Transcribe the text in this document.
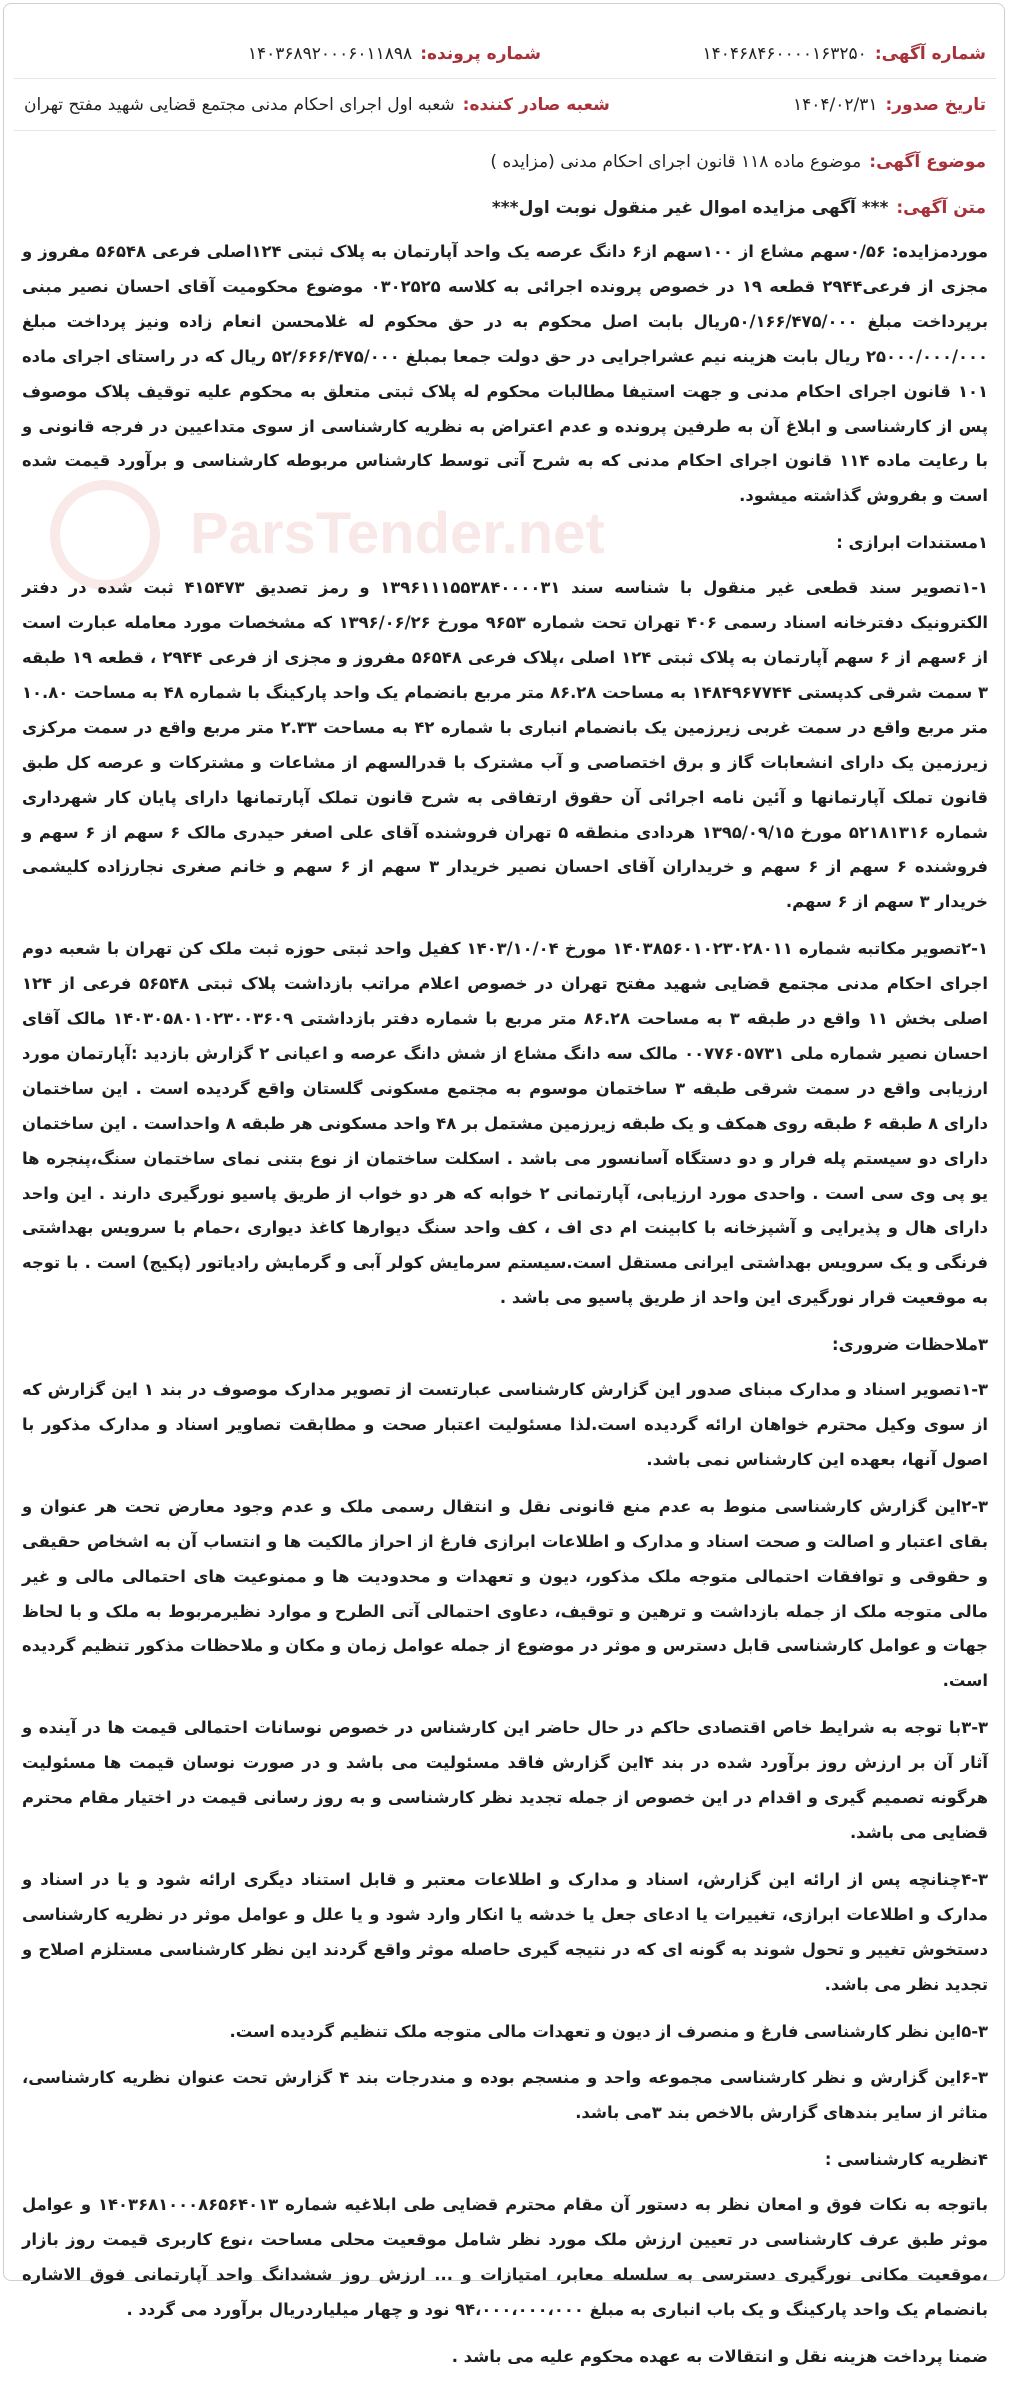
ParsTender.net
شماره آگهی:
۱۴۰۴۶۸۴۶۰۰۰۰۱۶۳۲۵۰
شماره پرونده:
۱۴۰۳۶۸۹۲۰۰۰۶۰۱۱۸۹۸
تاریخ صدور:
۱۴۰۴/۰۲/۳۱
شعبه صادر کننده:
شعبه اول اجرای احکام مدنی مجتمع قضایی شهید مفتح تهران
موضوع آگهی:
موضوع ماده ۱۱۸ قانون اجرای احکام مدنی (مزایده )
متن آگهی:
*** آگهی مزایده اموال غیر منقول نوبت اول***

موردمزایده: ۰/۵۶سهم مشاع از ۱۰۰سهم از۶ دانگ عرصه یک واحد آپارتمان به پلاک ثبتی ۱۲۴اصلی فرعی ۵۶۵۴۸ مفروز و مجزی از فرعی۲۹۴۴ قطعه ۱۹ در خصوص پرونده اجرائی به کلاسه ۰۳۰۲۵۲۵ موضوع محکومیت آقای احسان نصیر مبنی برپرداخت مبلغ ۵۰/۱۶۶/۴۷۵/۰۰۰ریال بابت اصل محکوم به در حق محکوم له غلامحسن انعام زاده ونیز پرداخت مبلغ ۲۵۰۰۰/۰۰۰/۰۰۰ ریال بابت هزینه نیم عشراجرایی در حق دولت جمعا بمبلغ ۵۲/۶۶۶/۴۷۵/۰۰۰ ریال که در راستای اجرای ماده ۱۰۱ قانون اجرای احکام مدنی و جهت استیفا مطالبات محکوم له پلاک ثبتی متعلق به محکوم علیه توقیف پلاک موصوف پس از کارشناسی و ابلاغ آن به طرفین پرونده و عدم اعتراض به نظریه کارشناسی از سوی متداعیین در فرجه قانونی و با رعایت ماده ۱۱۴ قانون اجرای احکام مدنی که به شرح آتی توسط کارشناس مربوطه کارشناسی و برآورد قیمت شده است و بفروش گذاشته میشود.

۱مستندات ابرازی :

۱-۱تصویر سند قطعی غیر منقول با شناسه سند ۱۳۹۶۱۱۱۵۵۳۸۴۰۰۰۰۳۱ و رمز تصدیق ۴۱۵۴۷۳ ثبت شده در دفتر الکترونیک دفترخانه اسناد رسمی ۴۰۶ تهران تحت شماره ۹۶۵۳ مورخ ۱۳۹۶/۰۶/۲۶ که مشخصات مورد معامله عبارت است از ۶سهم از ۶ سهم آپارتمان به پلاک ثبتی ۱۲۴ اصلی ،پلاک فرعی ۵۶۵۴۸ مفروز و مجزی از فرعی ۲۹۴۴ ، قطعه ۱۹ طبقه ۳ سمت شرقی کدپستی ۱۴۸۴۹۶۷۷۴۴ به مساحت ۸۶.۲۸ متر مربع بانضمام یک واحد پارکینگ با شماره ۴۸ به مساحت ۱۰.۸۰ متر مربع واقع در سمت غربی زیرزمین یک بانضمام انباری با شماره ۴۲ به مساحت ۲.۳۳ متر مربع واقع در سمت مرکزی زیرزمین یک دارای انشعابات گاز و برق اختصاصی و آب مشترک با قدرالسهم از مشاعات و مشترکات و عرصه کل طبق قانون تملک آپارتمانها و آئین نامه اجرائی آن حقوق ارتفاقی به شرح قانون تملک آپارتمانها دارای پایان کار شهرداری شماره ۵۲۱۸۱۳۱۶ مورخ ۱۳۹۵/۰۹/۱۵ هردادی منطقه ۵ تهران فروشنده آقای علی اصغر حیدری مالک ۶ سهم از ۶ سهم و فروشنده ۶ سهم از ۶ سهم و خریداران آقای احسان نصیر خریدار ۳ سهم از ۶ سهم و خانم صغری نجارزاده کلیشمی خریدار ۳ سهم از ۶ سهم.

۲-۱تصویر مکاتبه شماره ۱۴۰۳۸۵۶۰۱۰۲۳۰۲۸۰۱۱ مورخ ۱۴۰۳/۱۰/۰۴ کفیل واحد ثبتی حوزه ثبت ملک کن تهران با شعبه دوم اجرای احکام مدنی مجتمع قضایی شهید مفتح تهران در خصوص اعلام مراتب بازداشت پلاک ثبتی ۵۶۵۴۸ فرعی از ۱۲۴ اصلی بخش ۱۱ واقع در طبقه ۳ به مساحت ۸۶.۲۸ متر مربع با شماره دفتر بازداشتی ۱۴۰۳۰۵۸۰۱۰۲۳۰۰۳۶۰۹ مالک آقای احسان نصیر شماره ملی ۰۰۷۷۶۰۵۷۳۱ مالک سه دانگ مشاع از شش دانگ عرصه و اعیانی ۲ گزارش بازدید :آپارتمان مورد ارزیابی واقع در سمت شرقی طبقه ۳ ساختمان موسوم به مجتمع مسکونی گلستان واقع گردیده است . این ساختمان دارای ۸ طبقه ۶ طبقه روی همکف و یک طبقه زیرزمین مشتمل بر ۴۸ واحد مسکونی هر طبقه ۸ واحداست . این ساختمان دارای دو سیستم پله فرار و دو دستگاه آسانسور می باشد . اسکلت ساختمان از نوع بتنی نمای ساختمان سنگ،پنجره ها یو پی وی سی است . واحدی مورد ارزیابی، آپارتمانی ۲ خوابه که هر دو خواب از طریق پاسیو نورگیری دارند . این واحد دارای هال و پذیرایی و آشپزخانه با کابینت ام دی اف ، کف واحد سنگ دیوارها کاغذ دیواری ،حمام با سرویس بهداشتی فرنگی و یک سرویس بهداشتی ایرانی مستقل است.سیستم سرمایش کولر آبی و گرمایش رادیاتور (پکیج) است . با توجه به موقعیت قرار نورگیری این واحد از طریق پاسیو می باشد .

۳ملاحظات ضروری:

۱-۳تصویر اسناد و مدارک مبنای صدور این گزارش کارشناسی عبارتست از تصویر مدارک موصوف در بند ۱ این گزارش که از سوی وکیل محترم خواهان ارائه گردیده است.لذا مسئولیت اعتبار صحت و مطابقت تصاویر اسناد و مدارک مذکور با اصول آنها، بعهده این کارشناس نمی باشد.

۲-۳این گزارش کارشناسی منوط به عدم منع قانونی نقل و انتقال رسمی ملک و عدم وجود معارض تحت هر عنوان و بقای اعتبار و اصالت و صحت اسناد و مدارک و اطلاعات ابرازی فارغ از احراز مالکیت ها و انتساب آن به اشخاص حقیقی و حقوقی و توافقات احتمالی متوجه ملک مذکور، دیون و تعهدات و محدودیت ها و ممنوعیت های احتمالی مالی و غیر مالی متوجه ملک از جمله بازداشت و ترهین و توقیف، دعاوی احتمالی آتی الطرح و موارد نظیرمربوط به ملک و با لحاظ جهات و عوامل کارشناسی قابل دسترس و موثر در موضوع از جمله عوامل زمان و مکان و ملاحظات مذکور تنظیم گردیده است.

۳-۳با توجه به شرایط خاص اقتصادی حاکم در حال حاضر این کارشناس در خصوص نوسانات احتمالی قیمت ها در آینده و آثار آن بر ارزش روز برآورد شده در بند ۴این گزارش فاقد مسئولیت می باشد و در صورت نوسان قیمت ها مسئولیت هرگونه تصمیم گیری و اقدام در این خصوص از جمله تجدید نظر کارشناسی و به روز رسانی قیمت در اختیار مقام محترم قضایی می باشد.

۴-۳چنانچه پس از ارائه این گزارش، اسناد و مدارک و اطلاعات معتبر و قابل استناد دیگری ارائه شود و یا در اسناد و مدارک و اطلاعات ابرازی، تغییرات یا ادعای جعل یا خدشه یا انکار وارد شود و یا علل و عوامل موثر در نظریه کارشناسی دستخوش تغییر و تحول شوند به گونه ای که در نتیجه گیری حاصله موثر واقع گردند این نظر کارشناسی مستلزم اصلاح و تجدید نظر می باشد.

۵-۳این نظر کارشناسی فارغ و منصرف از دیون و تعهدات مالی متوجه ملک تنظیم گردیده است.

۶-۳این گزارش و نظر کارشناسی مجموعه واحد و منسجم بوده و مندرجات بند ۴ گزارش تحت عنوان نظریه کارشناسی، متاثر از سایر بندهای گزارش بالاخص بند ۳می باشد.

۴نظریه کارشناسی :

باتوجه به نکات فوق و امعان نظر به دستور آن مقام محترم قضایی طی ابلاغیه شماره ۱۴۰۳۶۸۱۰۰۰۸۶۵۶۴۰۱۳ و عوامل موثر طبق عرف کارشناسی در تعیین ارزش ملک مورد نظر شامل موقعیت محلی مساحت ،نوع کاربری قیمت روز بازار ،موقعیت مکانی نورگیری دسترسی به سلسله معابر، امتیازات و ... ارزش روز ششدانگ واحد آپارتمانی فوق الاشاره بانضمام یک واحد پارکینگ و یک باب انباری به مبلغ ۹۴،۰۰۰،۰۰۰،۰۰۰ نود و چهار میلیاردریال برآورد می گردد .

ضمنا پرداخت هزینه نقل و انتقالات به عهده محکوم علیه می باشد .
